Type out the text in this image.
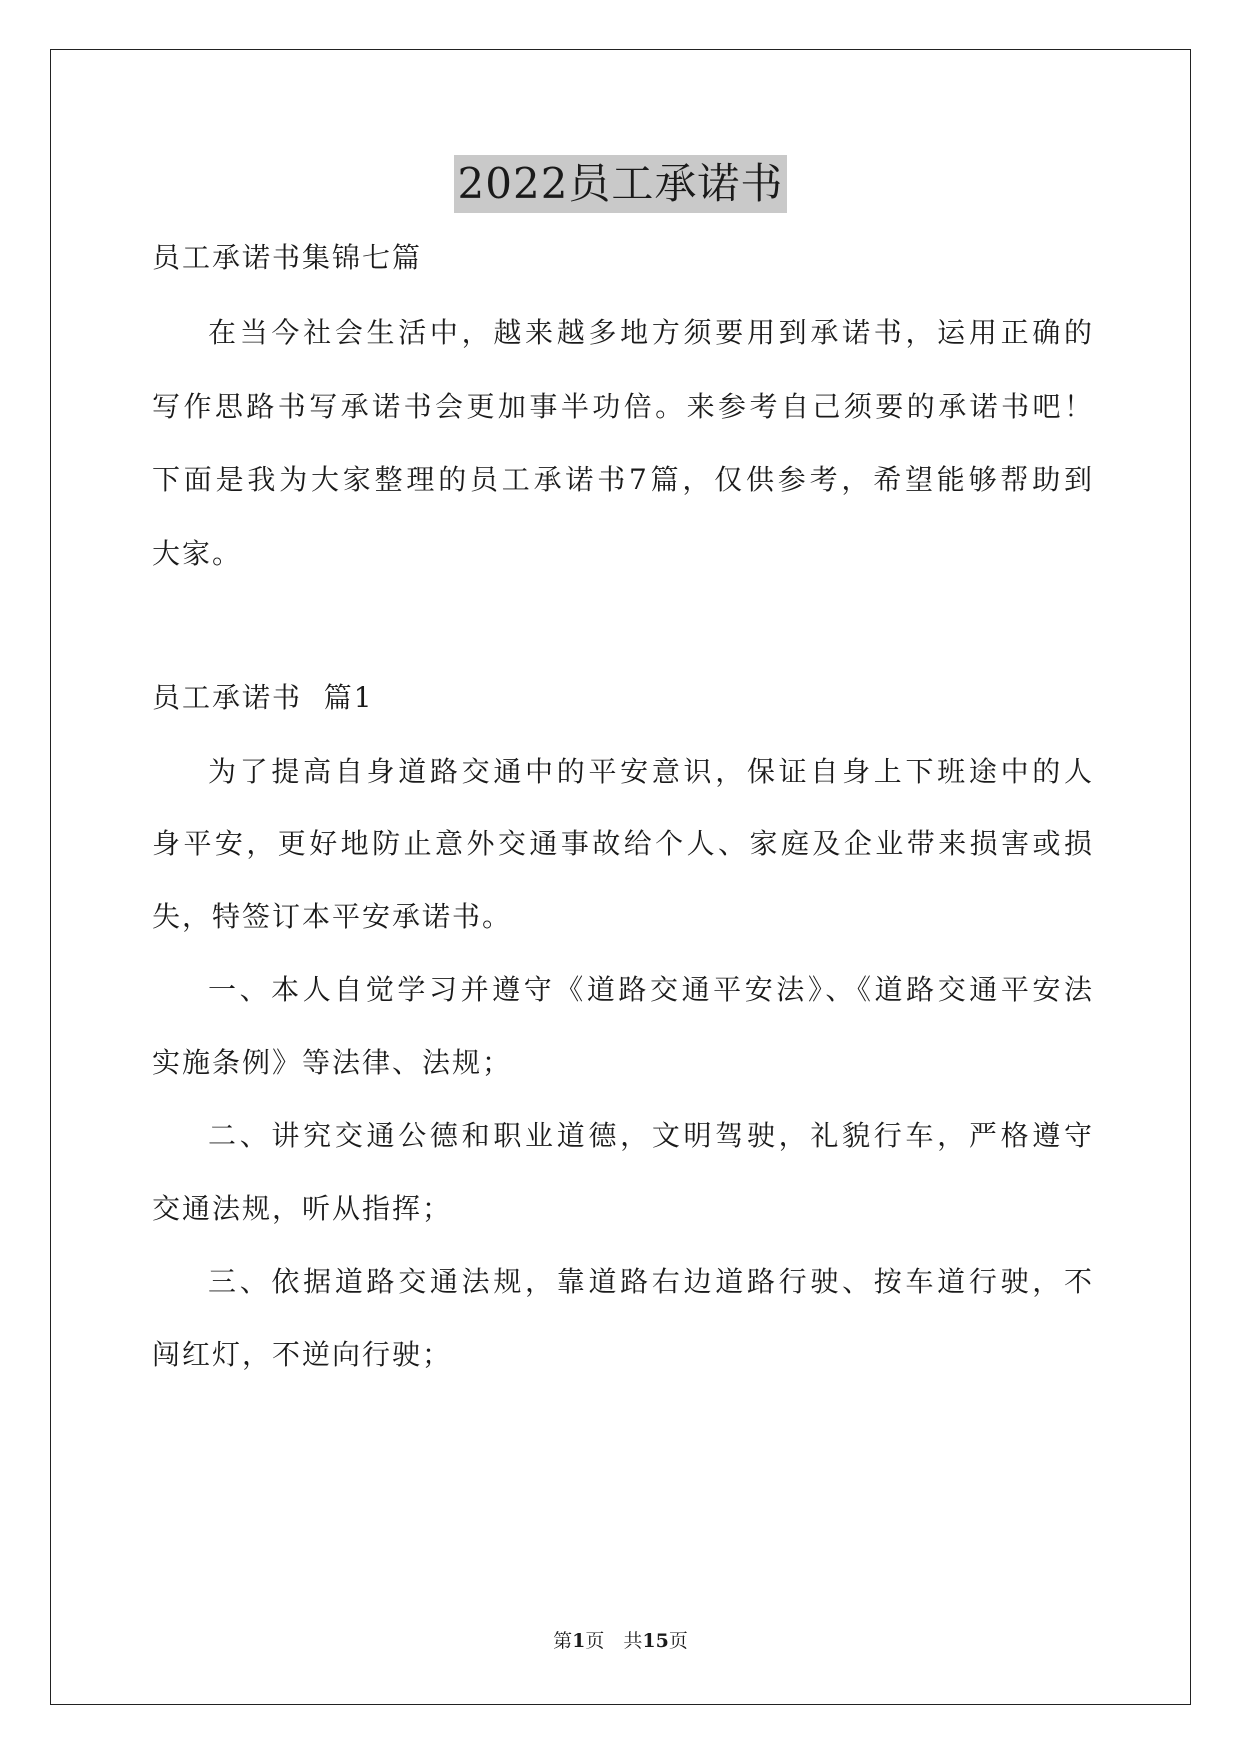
2022员工承诺书
员工承诺书集锦七篇
在当今社会生活中，越来越多地方须要用到承诺书，运用正确的
写作思路书写承诺书会更加事半功倍。来参考自己须要的承诺书吧！
下面是我为大家整理的员工承诺书7篇，仅供参考，希望能够帮助到
大家。
员工承诺书  篇1
为了提高自身道路交通中的平安意识，保证自身上下班途中的人
身平安，更好地防止意外交通事故给个人、家庭及企业带来损害或损
失，特签订本平安承诺书。
一、本人自觉学习并遵守《道路交通平安法》、《道路交通平安法
实施条例》等法律、法规；
二、讲究交通公德和职业道德，文明驾驶，礼貌行车，严格遵守
交通法规，听从指挥；
三、依据道路交通法规，靠道路右边道路行驶、按车道行驶，不
闯红灯，不逆向行驶；
第1页　共15页
